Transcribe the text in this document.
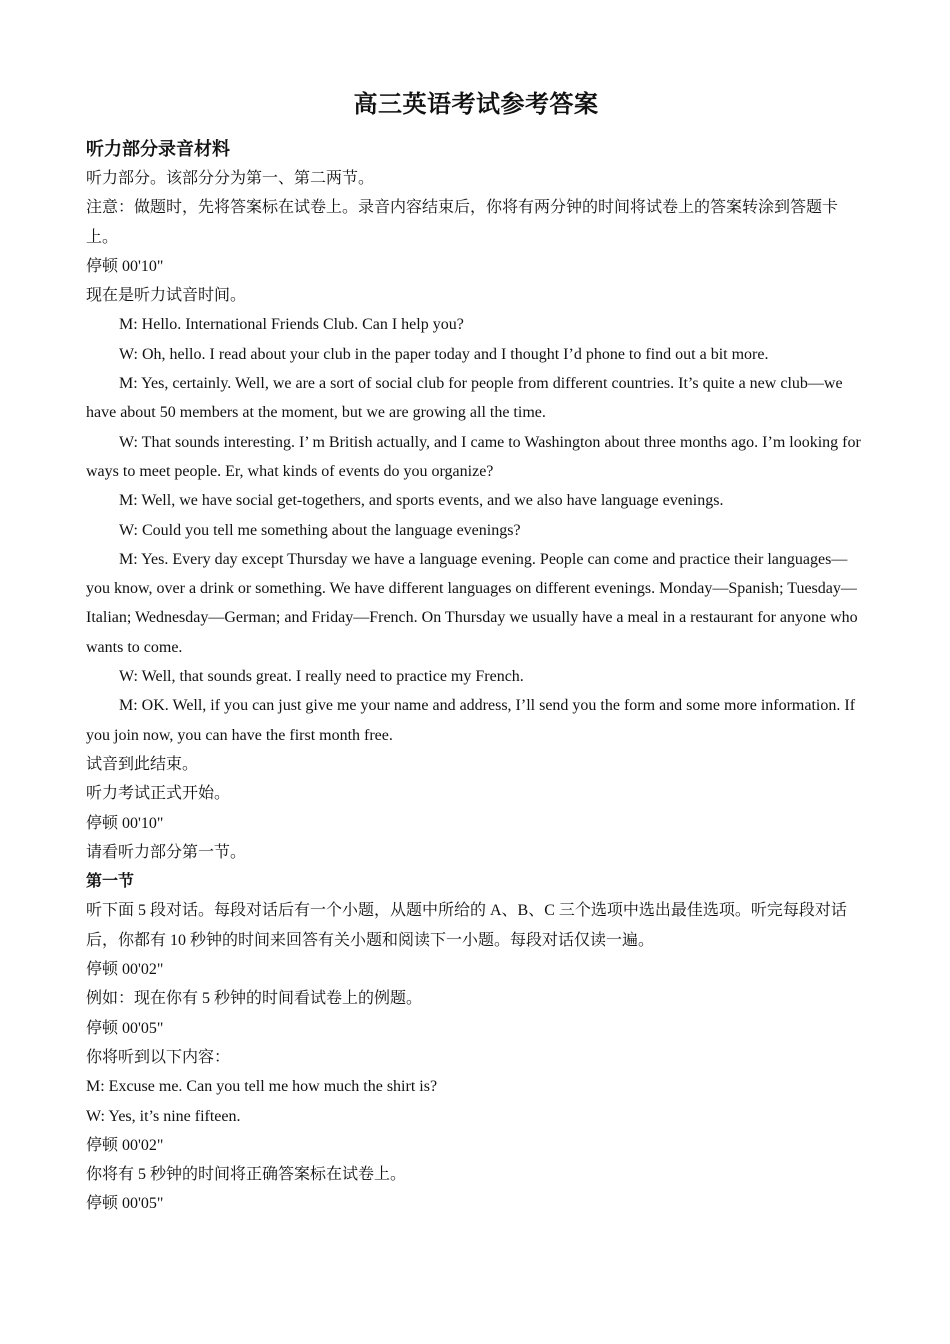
高三英语考试参考答案
听力部分录音材料

听力部分。该部分分为第一、第二两节。

注意：做题时，先将答案标在试卷上。录音内容结束后，你将有两分钟的时间将试卷上的答案转涂到答题卡上。

停顿 00'10"

现在是听力试音时间。

M: Hello. International Friends Club. Can I help you?

W: Oh, hello. I read about your club in the paper today and I thought I’d phone to find out a bit more.

M: Yes, certainly. Well, we are a sort of social club for people from different countries. It’s quite a new club—we have about 50 members at the moment, but we are growing all the time.

W: That sounds interesting. I’ m British actually, and I came to Washington about three months ago. I’m looking for ways to meet people. Er, what kinds of events do you organize?

M: Well, we have social get-togethers, and sports events, and we also have language evenings.

W: Could you tell me something about the language evenings?

M: Yes. Every day except Thursday we have a language evening. People can come and practice their languages—you know, over a drink or something. We have different languages on different evenings. Monday—Spanish; Tuesday—Italian; Wednesday—German; and Friday—French. On Thursday we usually have a meal in a restaurant for anyone who wants to come.

W: Well, that sounds great. I really need to practice my French.

M: OK. Well, if you can just give me your name and address, I’ll send you the form and some more information. If you join now, you can have the first month free.

试音到此结束。

听力考试正式开始。

停顿 00'10"

请看听力部分第一节。

第一节

听下面 5 段对话。每段对话后有一个小题，从题中所给的 A、B、C 三个选项中选出最佳选项。听完每段对话后，你都有 10 秒钟的时间来回答有关小题和阅读下一小题。每段对话仅读一遍。

停顿 00'02"

例如：现在你有 5 秒钟的时间看试卷上的例题。

停顿 00'05"

你将听到以下内容：

M: Excuse me. Can you tell me how much the shirt is?

W: Yes, it’s nine fifteen.

停顿 00'02"

你将有 5 秒钟的时间将正确答案标在试卷上。

停顿 00'05"
